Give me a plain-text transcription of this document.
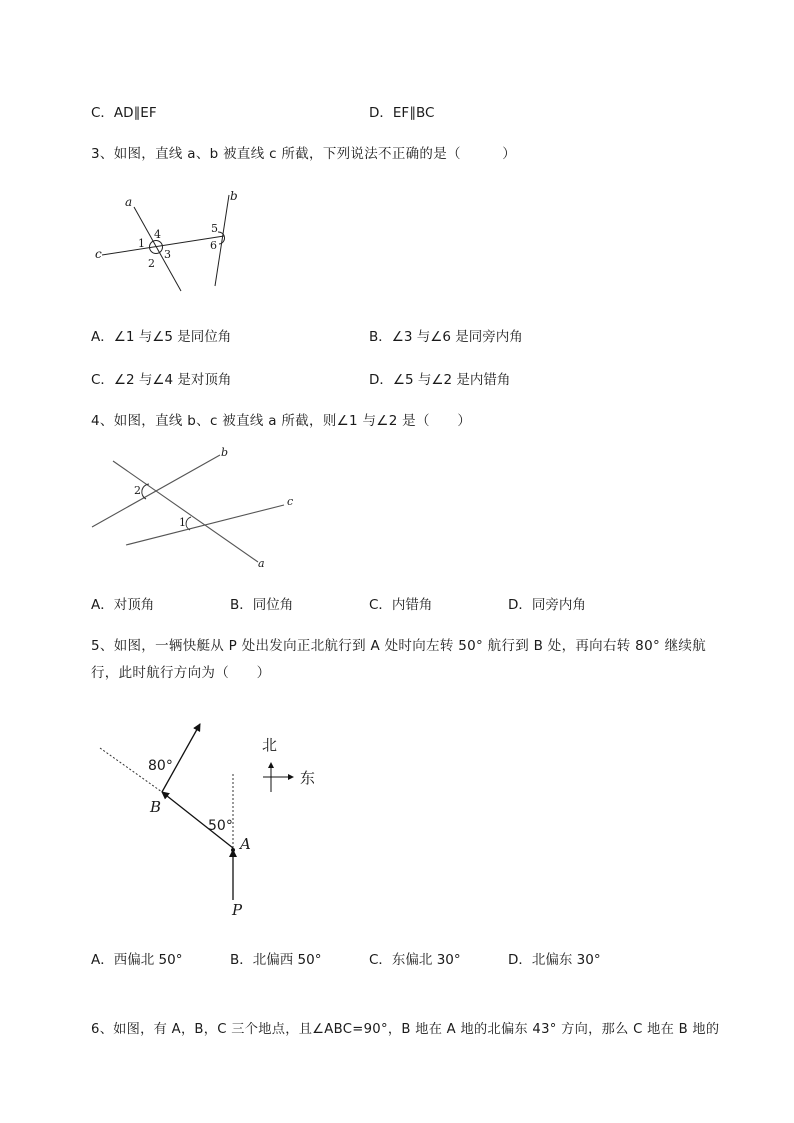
C．AD∥EF	D．EF∥BC
3、如图，直线 a、b 被直线 c 所截，下列说法不正确的是（　　　）
a	b
c
1
4
2
3
5
6
A．∠1 与∠5 是同位角	B．∠3 与∠6 是同旁内角
C．∠2 与∠4 是对顶角	D．∠5 与∠2 是内错角
4、如图，直线 b、c 被直线 a 所截，则∠1 与∠2 是（　　）
b
c
a
2
1
A．对顶角	B．同位角	C．内错角	D．同旁内角
5、如图，一辆快艇从 P 处出发向正北航行到 A 处时向左转 50° 航行到 B 处，再向右转 80° 继续航
行，此时航行方向为（　　）
80°
50°
B
A
P
北
东
A．西偏北 50°	B．北偏西 50°	C．东偏北 30°	D．北偏东 30°
6、如图，有 A，B，C 三个地点，且∠ABC=90°，B 地在 A 地的北偏东 43° 方向，那么 C 地在 B 地的
